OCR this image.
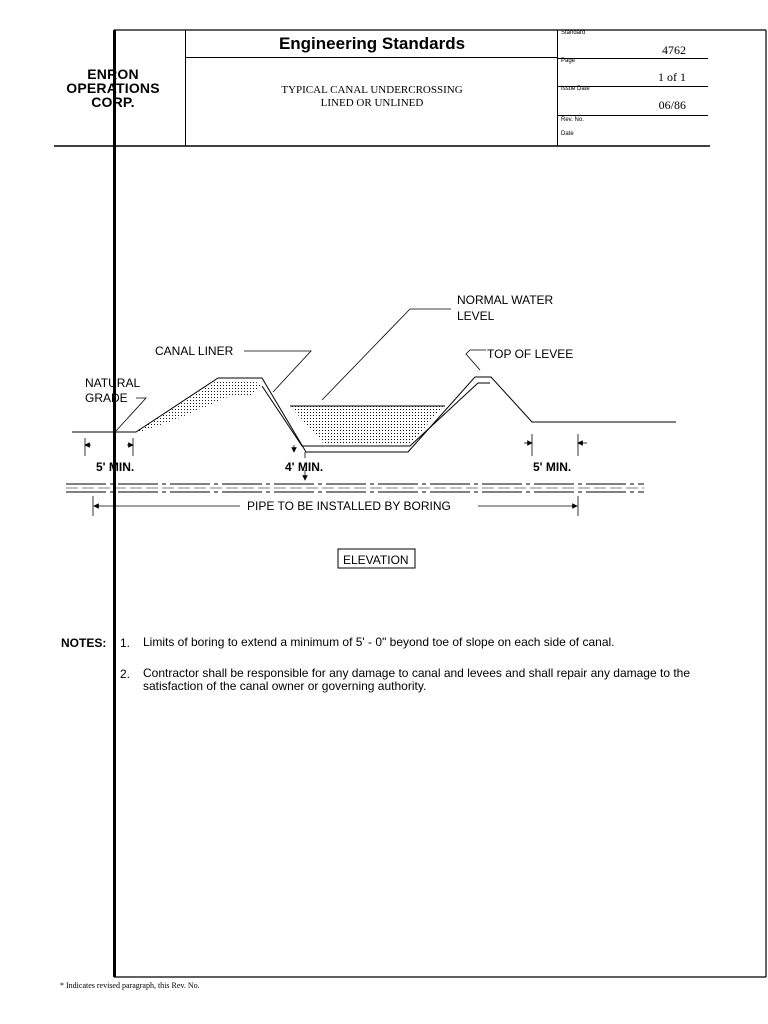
ENRON
OPERATIONS
CORP.
Engineering Standards
TYPICAL CANAL UNDERCROSSING
LINED OR UNLINED
Standard
4762
Page
1 of 1
Issue Date
06/86
Rev. No.
Date
NORMAL WATER
LEVEL
CANAL LINER	TOP OF LEVEE
NATURAL
GRADE
5' MIN.	4' MIN.	5' MIN.
PIPE TO BE INSTALLED BY BORING
ELEVATION
NOTES: 1. Limits of boring to extend a minimum of 5' - 0" beyond toe of slope on each side of canal.
2. Contractor shall be responsible for any damage to canal and levees and shall repair any damage to the satisfaction of the canal owner or governing authority.
* Indicates revised paragraph, this Rev. No.
